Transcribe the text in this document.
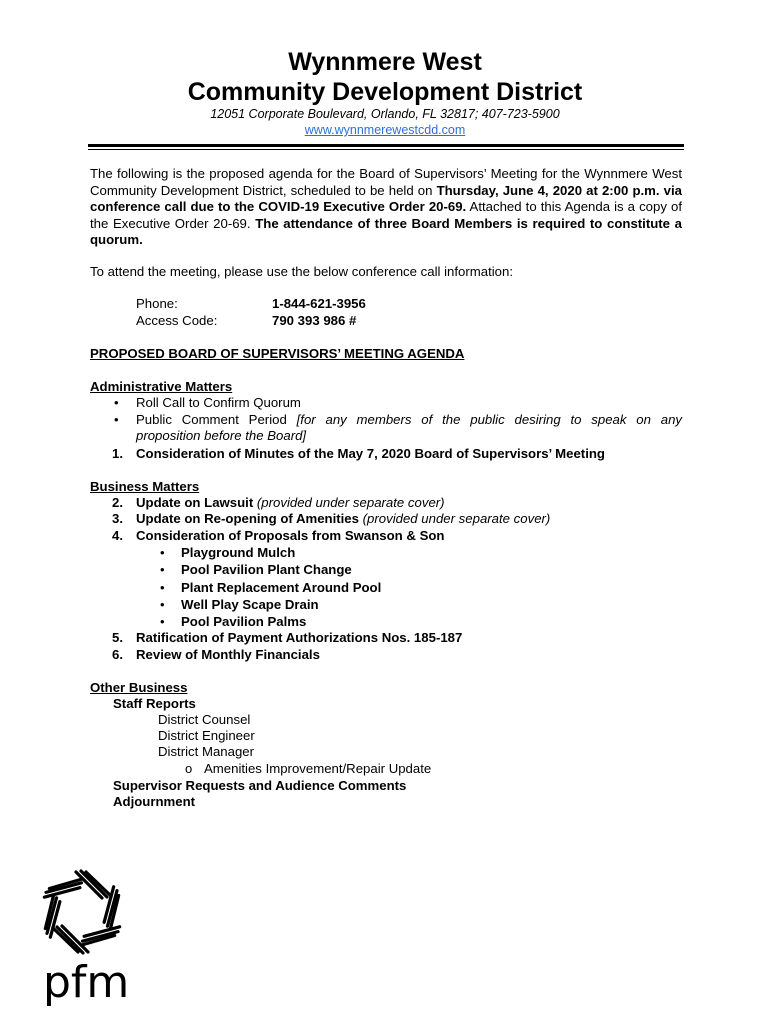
Wynnmere West
Community Development District
12051 Corporate Boulevard, Orlando, FL 32817; 407-723-5900
www.wynnmerewestcdd.com
The following is the proposed agenda for the Board of Supervisors’ Meeting for the Wynnmere West Community Development District, scheduled to be held on Thursday, June 4, 2020 at 2:00 p.m. via conference call due to the COVID-19 Executive Order 20-69. Attached to this Agenda is a copy of the Executive Order 20-69. The attendance of three Board Members is required to constitute a quorum.
To attend the meeting, please use the below conference call information:
Phone:	1-844-621-3956
Access Code:	790 393 986 #
PROPOSED BOARD OF SUPERVISORS’ MEETING AGENDA
Administrative Matters
• Roll Call to Confirm Quorum
• Public Comment Period [for any members of the public desiring to speak on any
proposition before the Board]
1. Consideration of Minutes of the May 7, 2020 Board of Supervisors’ Meeting
Business Matters
2. Update on Lawsuit (provided under separate cover)
3. Update on Re-opening of Amenities (provided under separate cover)
4. Consideration of Proposals from Swanson & Son
• Playground Mulch
• Pool Pavilion Plant Change
• Plant Replacement Around Pool
• Well Play Scape Drain
• Pool Pavilion Palms
5. Ratification of Payment Authorizations Nos. 185-187
6. Review of Monthly Financials
Other Business
Staff Reports
District Counsel
District Engineer
District Manager
o Amenities Improvement/Repair Update
Supervisor Requests and Audience Comments
Adjournment
pfm
